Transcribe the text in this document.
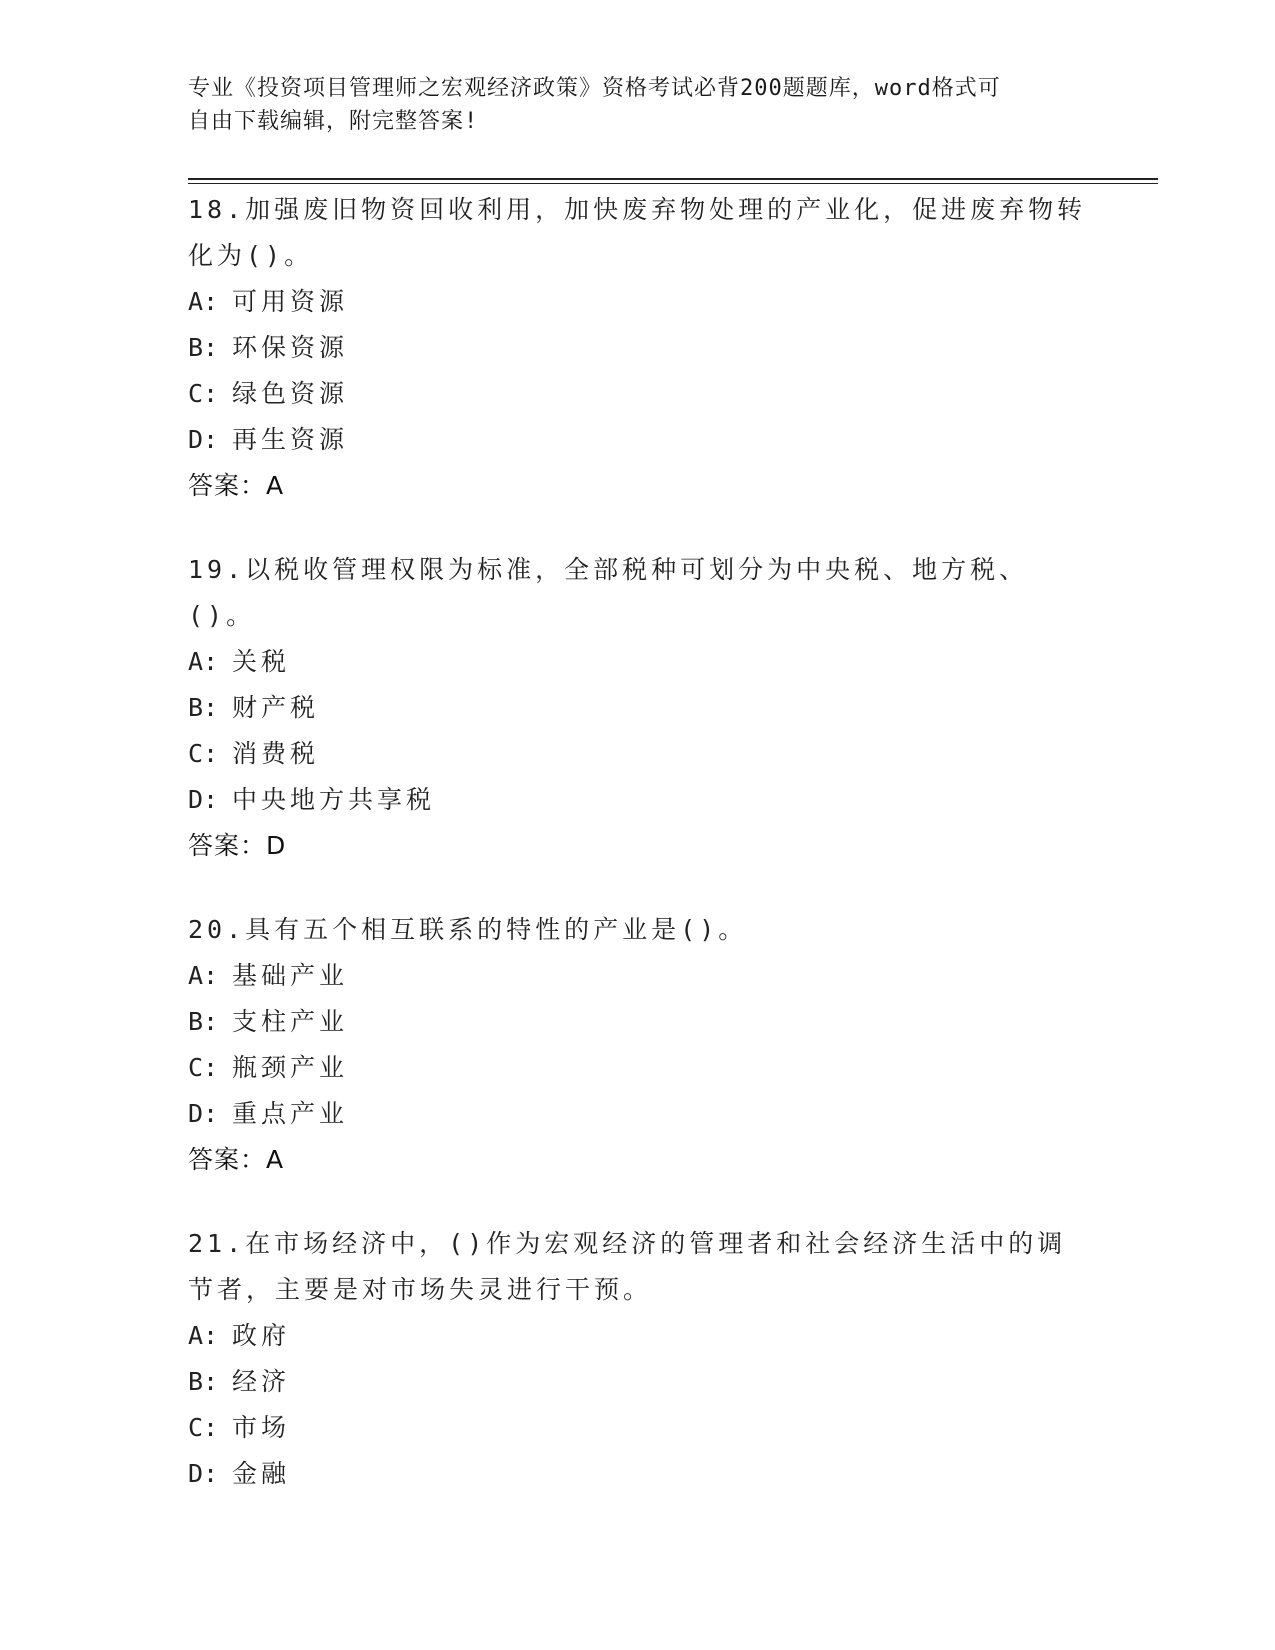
专业《投资项目管理师之宏观经济政策》资格考试必背200题题库，word格式可
自由下载编辑，附完整答案!
18.加强废旧物资回收利用，加快废弃物处理的产业化，促进废弃物转化为()。
A: 可用资源
B: 环保资源
C: 绿色资源
D: 再生资源
答案：A
19.以税收管理权限为标准，全部税种可划分为中央税、地方税、()。
A: 关税
B: 财产税
C: 消费税
D: 中央地方共享税
答案：D
20.具有五个相互联系的特性的产业是()。
A: 基础产业
B: 支柱产业
C: 瓶颈产业
D: 重点产业
答案：A
21.在市场经济中，()作为宏观经济的管理者和社会经济生活中的调节者，主要是对市场失灵进行干预。
A: 政府
B: 经济
C: 市场
D: 金融
